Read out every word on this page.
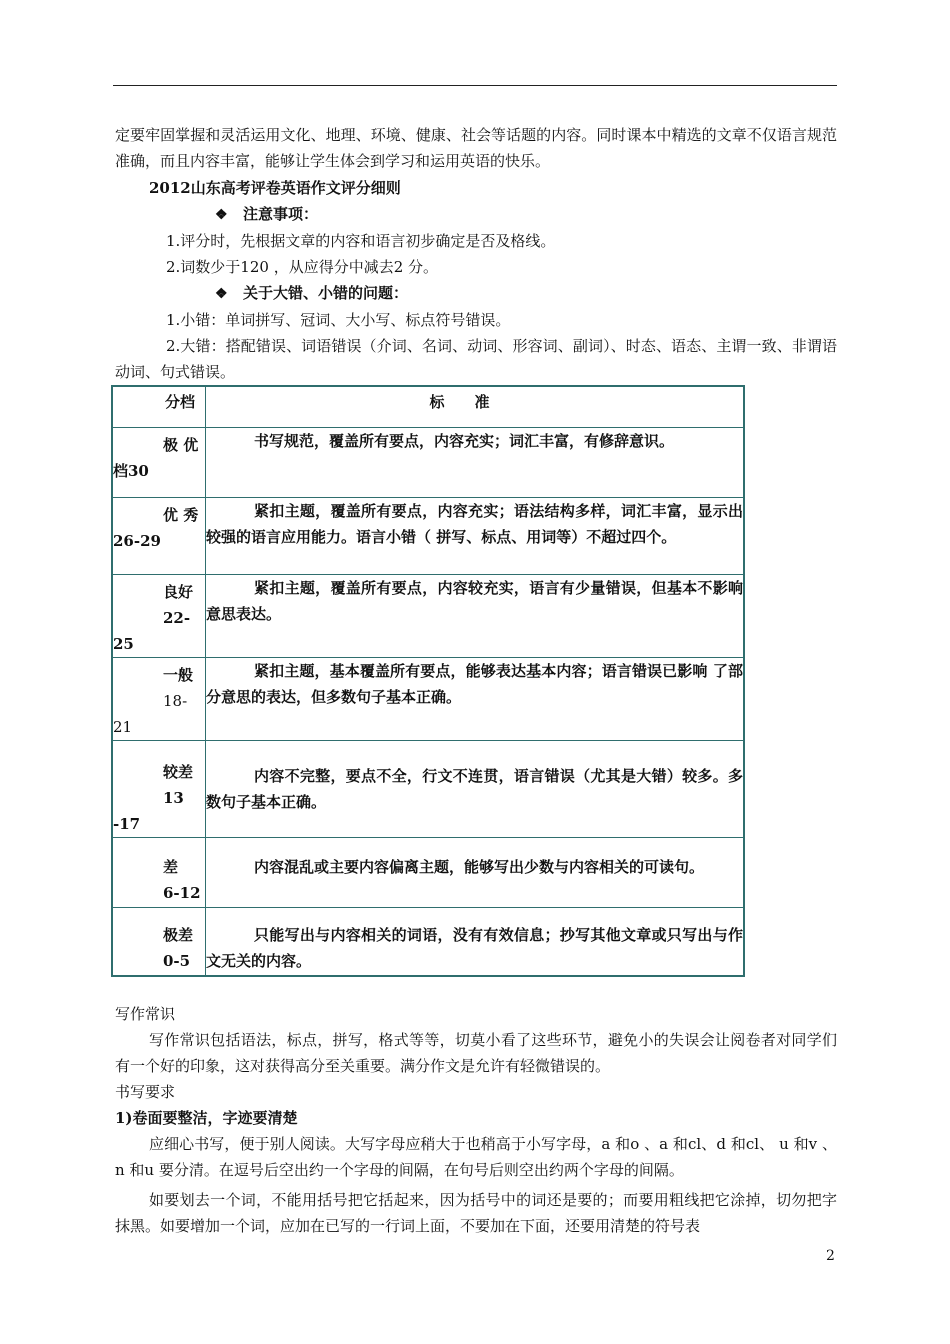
定要牢固掌握和灵活运用文化、地理、环境、健康、社会等话题的内容。同时课本中精选的文章不仅语言规范准确，而且内容丰富，能够让学生体会到学习和运用英语的快乐。

2012山东高考评卷英语作文评分细则

❖ 注意事项：

1.评分时，先根据文章的内容和语言初步确定是否及格线。

2.词数少于120 ，从应得分中减去2 分。

❖ 关于大错、小错的问题：

1.小错：单词拼写、冠词、大小写、标点符号错误。

2.大错：搭配错误、词语错误（介词、名词、动词、形容词、副词）、时态、语态、主谓一致、非谓语动词、句式错误。

分档	标准

极 优
档30	书写规范，覆盖所有要点，内容充实；词汇丰富，有修辞意识。

优 秀
26-29	紧扣主题，覆盖所有要点，内容充实；语法结构多样，词汇丰富，显示出较强的语言应用能力。语言小错（ 拼写、标点、用词等）不超过四个。

良好
22-
25	紧扣主题，覆盖所有要点，内容较充实，语言有少量错误，但基本不影响意思表达。

一般
18-
21	紧扣主题，基本覆盖所有要点，能够表达基本内容；语言错误已影响 了部分意思的表达，但多数句子基本正确。

较差
13
-17	内容不完整，要点不全，行文不连贯，语言错误（尤其是大错）较多。多数句子基本正确。

差
6-12	内容混乱或主要内容偏离主题，能够写出少数与内容相关的可读句。

极差
0-5	只能写出与内容相关的词语，没有有效信息；抄写其他文章或只写出与作文无关的内容。

写作常识

写作常识包括语法，标点，拼写，格式等等，切莫小看了这些环节，避免小的失误会让阅卷者对同学们有一个好的印象，这对获得高分至关重要。满分作文是允许有轻微错误的。

书写要求

1)卷面要整洁，字迹要清楚

应细心书写，便于别人阅读。大写字母应稍大于也稍高于小写字母，a 和o 、a 和cl、d 和cl、 u 和v 、n 和u 要分清。在逗号后空出约一个字母的间隔，在句号后则空出约两个字母的间隔。

如要划去一个词，不能用括号把它括起来，因为括号中的词还是要的；而要用粗线把它涂掉，切勿把字抹黑。如要增加一个词，应加在已写的一行词上面，不要加在下面，还要用清楚的符号表

2
